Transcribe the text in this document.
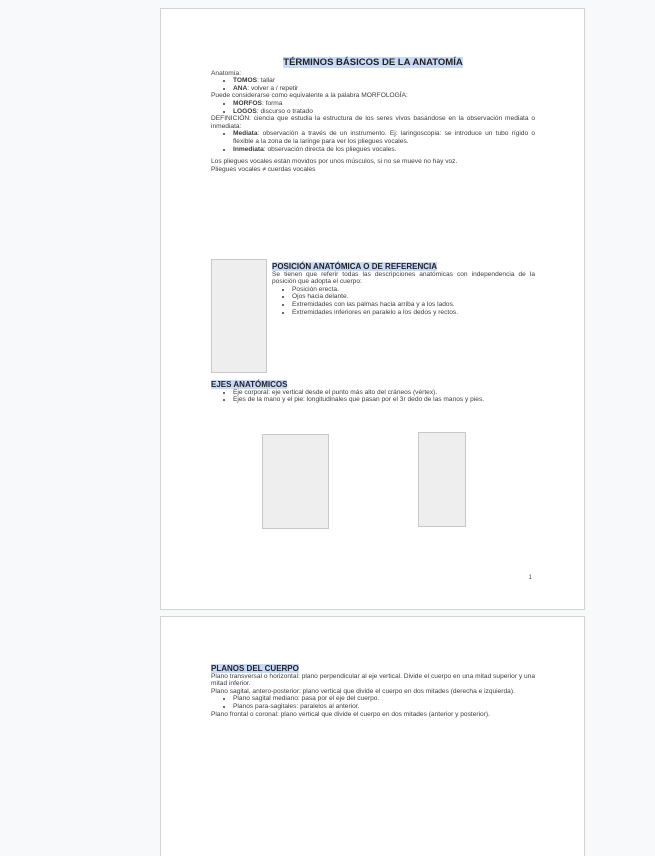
TÉRMINOS BÁSICOS DE LA ANATOMÍA

Anatomía:

• TOMOS: tallar
• ANA: volver a / repetir

Puede considerarse como equivalente a la palabra MORFOLOGÍA:

• MORFOS: forma
• LOGOS: discurso o tratado

DEFINICIÓN: ciencia que estudia la estructura de los seres vivos basándose en la observación mediata o inmediata:

• Mediata: observación a través de un instrumento. Ej: laringoscopia: se introduce un tubo rígido o flexible a la zona de la laringe para ver los pliegues vocales.
• Inmediata: observación directa de los pliegues vocales.

Los pliegues vocales están movidos por unos músculos, si no se mueve no hay voz.

Pliegues vocales ≠ cuerdas vocales

POSICIÓN ANATÓMICA O DE REFERENCIA

Se tienen que referir todas las descripciones anatómicas con independencia de la posición que adopta el cuerpo:

• Posición erecta.
• Ojos hacia delante.
• Extremidades con las palmas hacia arriba y a los lados.
• Extremidades inferiores en paralelo a los dedos y rectos.

EJES ANATÓMICOS

• Eje corporal: eje vertical desde el punto más alto del cráneos (vértex).
• Ejes de la mano y el pie: longitudinales que pasan por el 3r dedo de las manos y pies.
1

PLANOS DEL CUERPO

Plano transversal o horizontal: plano perpendicular al eje vertical. Divide el cuerpo en una mitad superior y una mitad inferior.

Plano sagital, antero-posterior: plano vertical que divide el cuerpo en dos mitades (derecha e izquierda).

• Plano sagital mediano: pasa por el eje del cuerpo.
• Planos para-sagitales: paralelos al anterior.

Plano frontal o coronal: plano vertical que divide el cuerpo en dos mitades (anterior y posterior).
